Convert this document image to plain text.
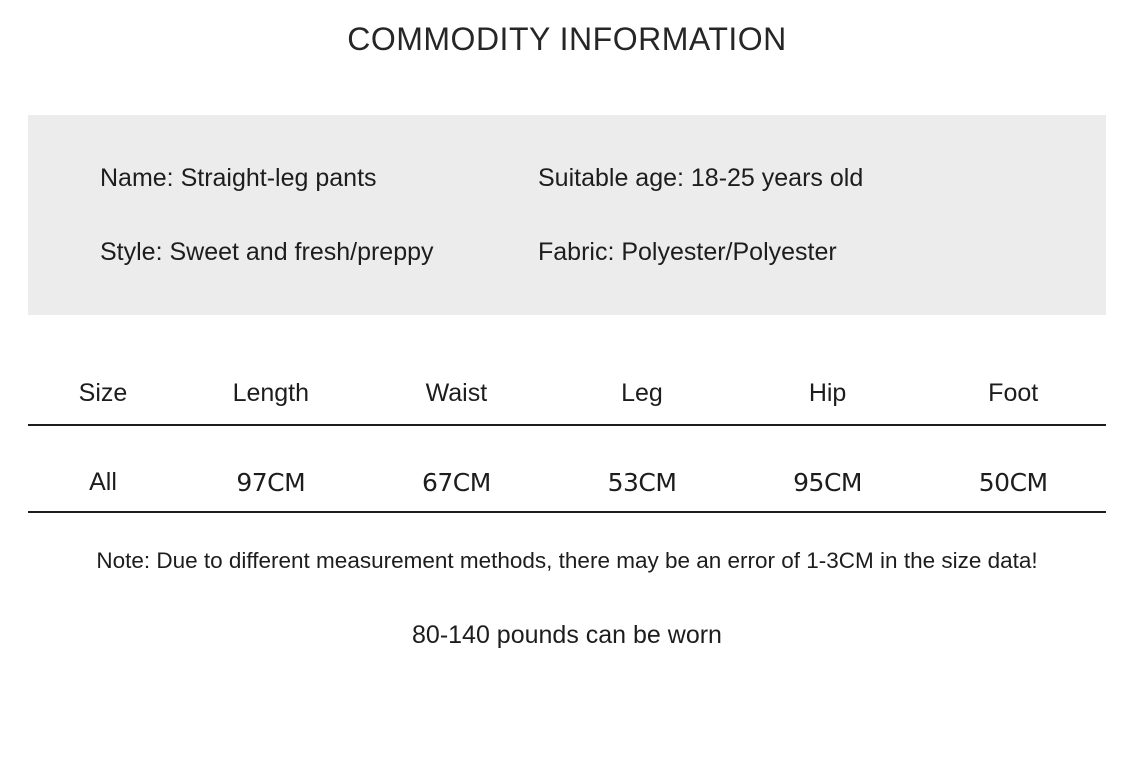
COMMODITY INFORMATION
Name: Straight-leg pants	Suitable age: 18-25 years old
Style: Sweet and fresh/preppy	Fabric: Polyester/Polyester
Size	Length	Waist	Leg	Hip	Foot
All	97CM	67CM	53CM	95CM	50CM
Note: Due to different measurement methods, there may be an error of 1-3CM in the size data!
80-140 pounds can be worn
